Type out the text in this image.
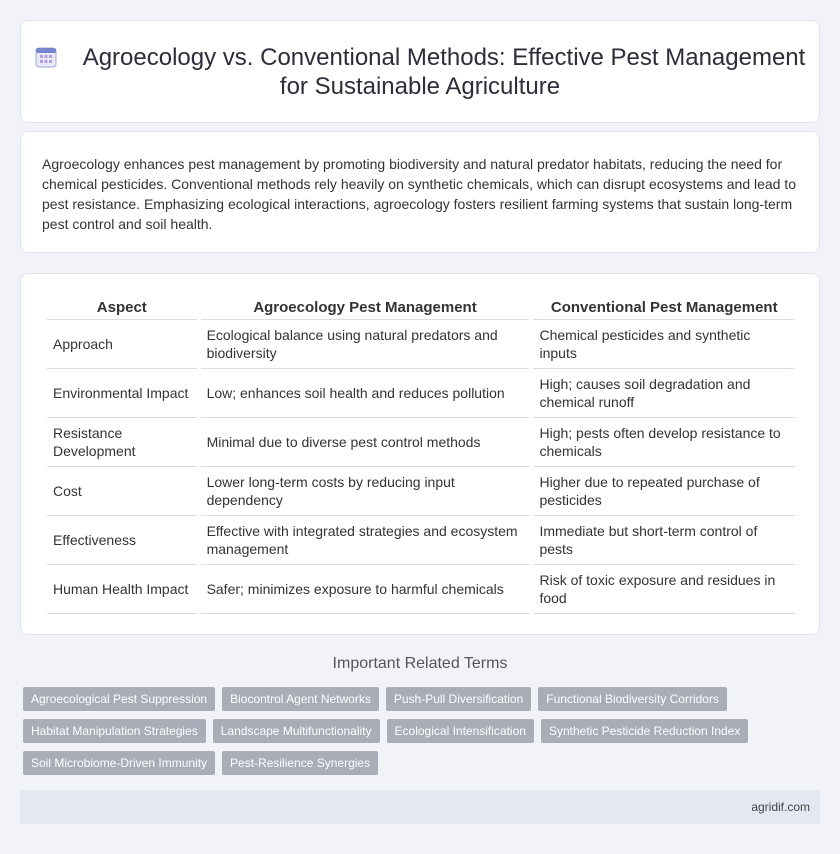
Agroecology vs. Conventional Methods: Effective Pest Management for Sustainable Agriculture

Agroecology enhances pest management by promoting biodiversity and natural predator habitats, reducing the need for chemical pesticides. Conventional methods rely heavily on synthetic chemicals, which can disrupt ecosystems and lead to pest resistance. Emphasizing ecological interactions, agroecology fosters resilient farming systems that sustain long-term pest control and soil health.

Aspect	Agroecology Pest Management	Conventional Pest Management
Approach	Ecological balance using natural predators and biodiversity	Chemical pesticides and synthetic inputs
Environmental Impact	Low; enhances soil health and reduces pollution	High; causes soil degradation and chemical runoff
Resistance Development	Minimal due to diverse pest control methods	High; pests often develop resistance to chemicals
Cost	Lower long-term costs by reducing input dependency	Higher due to repeated purchase of pesticides
Effectiveness	Effective with integrated strategies and ecosystem management	Immediate but short-term control of pests
Human Health Impact	Safer; minimizes exposure to harmful chemicals	Risk of toxic exposure and residues in food
Important Related Terms
Agroecological Pest Suppression	Biocontrol Agent Networks	Push-Pull Diversification	Functional Biodiversity Corridors
Habitat Manipulation Strategies	Landscape Multifunctionality	Ecological Intensification	Synthetic Pesticide Reduction Index
Soil Microbiome-Driven Immunity	Pest-Resilience Synergies
agridif.com
